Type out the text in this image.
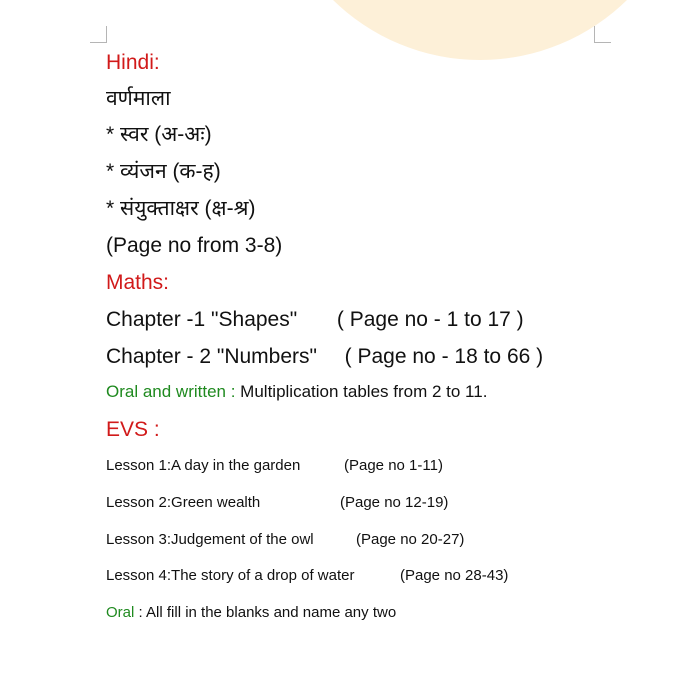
Hindi:
वर्णमाला
* स्वर (अ-अः)
* व्यंजन (क-ह)
* संयुक्ताक्षर (क्ष-श्र)
(Page no from 3-8)
Maths:
Chapter -1 "Shapes" ( Page no - 1 to 17 )
Chapter - 2 "Numbers" ( Page no - 18 to 66 )
Oral and written : Multiplication tables from 2 to 11.
EVS :
Lesson 1:A day in the garden	(Page no 1-11)
Lesson 2:Green wealth	(Page no 12-19)
Lesson 3:Judgement of the owl	(Page no 20-27)
Lesson 4:The story of a drop of water	(Page no 28-43)
Oral : All fill in the blanks and name any two
